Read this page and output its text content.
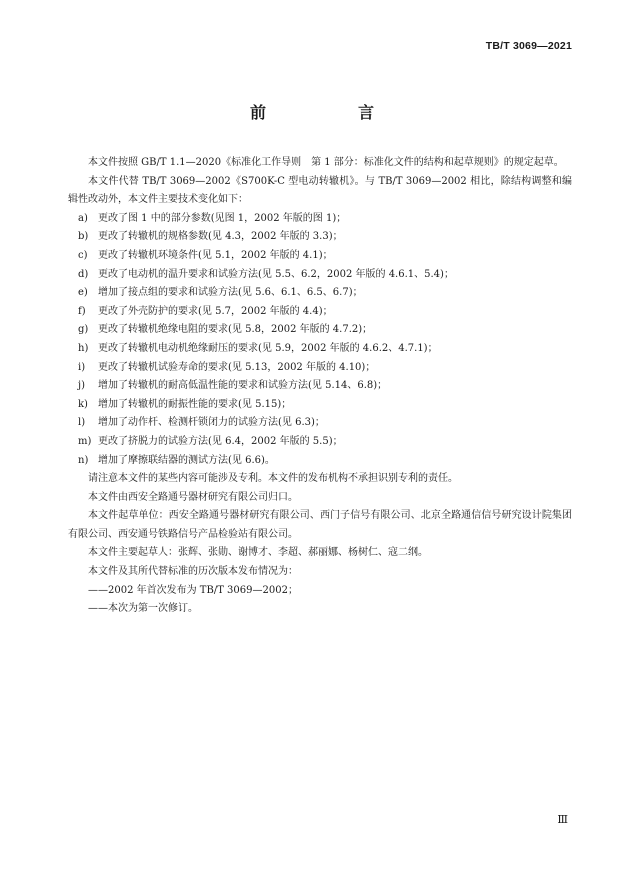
TB/T 3069—2021
前　言

本文件按照 GB/T 1.1—2020《标准化工作导则　第 1 部分：标准化文件的结构和起草规则》的规定起草。

本文件代替 TB/T 3069—2002《S700K-C 型电动转辙机》。与 TB/T 3069—2002 相比，除结构调整和编辑性改动外，本文件主要技术变化如下：

a)	更改了图 1 中的部分参数(见图 1，2002 年版的图 1)；
b) 更改了转辙机的规格参数(见 4.3，2002 年版的 3.3)；
c)	更改了转辙机环境条件(见 5.1，2002 年版的 4.1)；
d) 更改了电动机的温升要求和试验方法(见 5.5、6.2，2002 年版的 4.6.1、5.4)；
e)	增加了接点组的要求和试验方法(见 5.6、6.1、6.5、6.7)；
f)	更改了外壳防护的要求(见 5.7，2002 年版的 4.4)；
g) 更改了转辙机绝缘电阻的要求(见 5.8，2002 年版的 4.7.2)；
h) 更改了转辙机电动机绝缘耐压的要求(见 5.9，2002 年版的 4.6.2、4.7.1)；
i)	更改了转辙机试验寿命的要求(见 5.13，2002 年版的 4.10)；
j)	增加了转辙机的耐高低温性能的要求和试验方法(见 5.14、6.8)；
k)	增加了转辙机的耐振性能的要求(见 5.15)；
l)	增加了动作杆、检测杆锁闭力的试验方法(见 6.3)；
m) 更改了挤脱力的试验方法(见 6.4，2002 年版的 5.5)；
n) 增加了摩擦联结器的测试方法(见 6.6)。

请注意本文件的某些内容可能涉及专利。本文件的发布机构不承担识别专利的责任。

本文件由西安全路通号器材研究有限公司归口。

本文件起草单位：西安全路通号器材研究有限公司、西门子信号有限公司、北京全路通信信号研究设计院集团有限公司、西安通号铁路信号产品检验站有限公司。

本文件主要起草人：张辉、张勋、谢博才、李超、郝丽娜、杨树仁、寇二纲。

本文件及其所代替标准的历次版本发布情况为：

——2002 年首次发布为 TB/T 3069—2002；

——本次为第一次修订。

Ⅲ
